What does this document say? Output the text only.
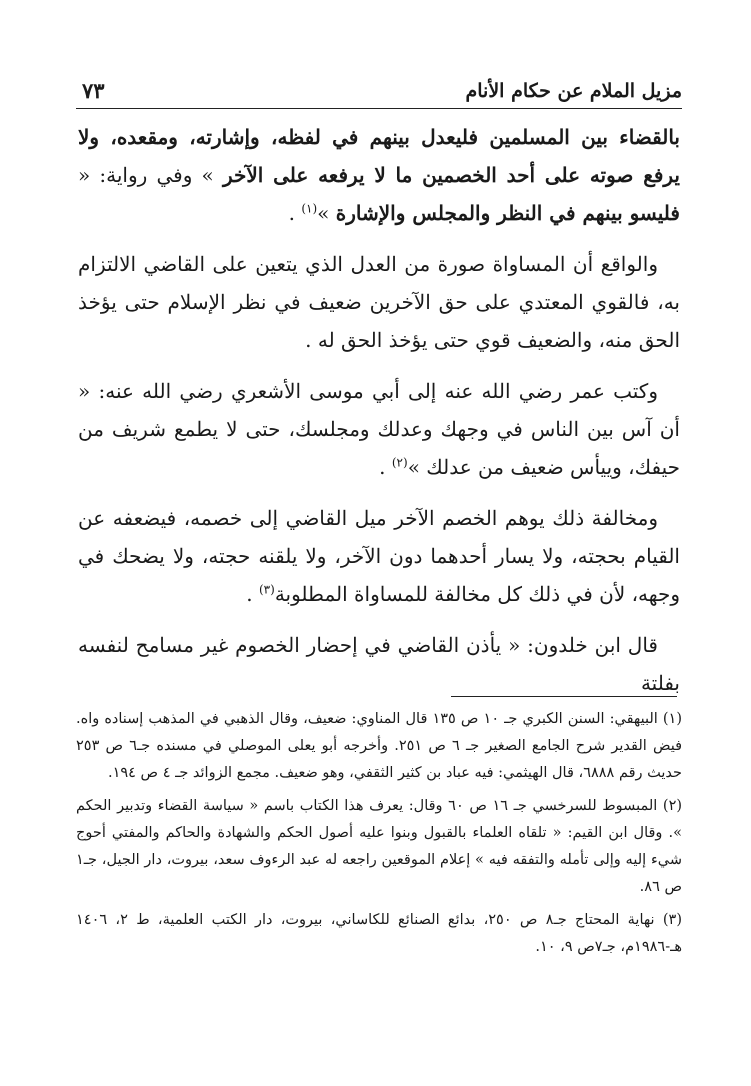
مزيل الملام عن حكام الأنام
٧٣

بالقضاء بين المسلمين فليعدل بينهم في لفظه، وإشارته، ومقعده، ولا يرفع صوته على أحد الخصمين ما لا يرفعه على الآخر » وفي رواية: « فليسو بينهم في النظر والمجلس والإشارة »$^{(١)}$ .

والواقع أن المساواة صورة من العدل الذي يتعين على القاضي الالتزام به، فالقوي المعتدي على حق الآخرين ضعيف في نظر الإسلام حتى يؤخذ الحق منه، والضعيف قوي حتى يؤخذ الحق له .

وكتب عمر رضي الله عنه إلى أبي موسى الأشعري رضي الله عنه: « أن آس بين الناس في وجهك وعدلك ومجلسك، حتى لا يطمع شريف من حيفك، وييأس ضعيف من عدلك »$^{(٢)}$ .

ومخالفة ذلك يوهم الخصم الآخر ميل القاضي إلى خصمه، فيضعفه عن القيام بحجته، ولا يسار أحدهما دون الآخر، ولا يلقنه حجته، ولا يضحك في وجهه، لأن في ذلك كل مخالفة للمساواة المطلوبة$^{(٣)}$ .

قال ابن خلدون: « يأذن القاضي في إحضار الخصوم غير مسامح لنفسه بفلتة

(١) البيهقي: السنن الكبري جـ ١٠ ص ١٣٥ قال المناوي: ضعيف، وقال الذهبي في المذهب إسناده واه. فيض القدير شرح الجامع الصغير جـ ٦ ص ٢٥١. وأخرجه أبو يعلى الموصلي في مسنده جـ٦ ص ٢٥٣ حديث رقم ٦٨٨٨، قال الهيثمي: فيه عباد بن كثير الثقفي، وهو ضعيف. مجمع الزوائد جـ ٤ ص ١٩٤.

(٢) المبسوط للسرخسي جـ ١٦ ص ٦٠ وقال: يعرف هذا الكتاب باسم « سياسة القضاء وتدبير الحكم ». وقال ابن القيم: « تلقاه العلماء بالقبول وبنوا عليه أصول الحكم والشهادة والحاكم والمفتي أحوج شيء إليه وإلى تأمله والتفقه فيه » إعلام الموقعين راجعه له عبد الرءوف سعد، بيروت، دار الجيل، جـ١ ص ٨٦.

(٣) نهاية المحتاج جـ٨ ص ٢٥٠، بدائع الصنائع للكاساني، بيروت، دار الكتب العلمية، ط ٢، ١٤٠٦ هـ-١٩٨٦م، جـ٧ص ٩، ١٠.
